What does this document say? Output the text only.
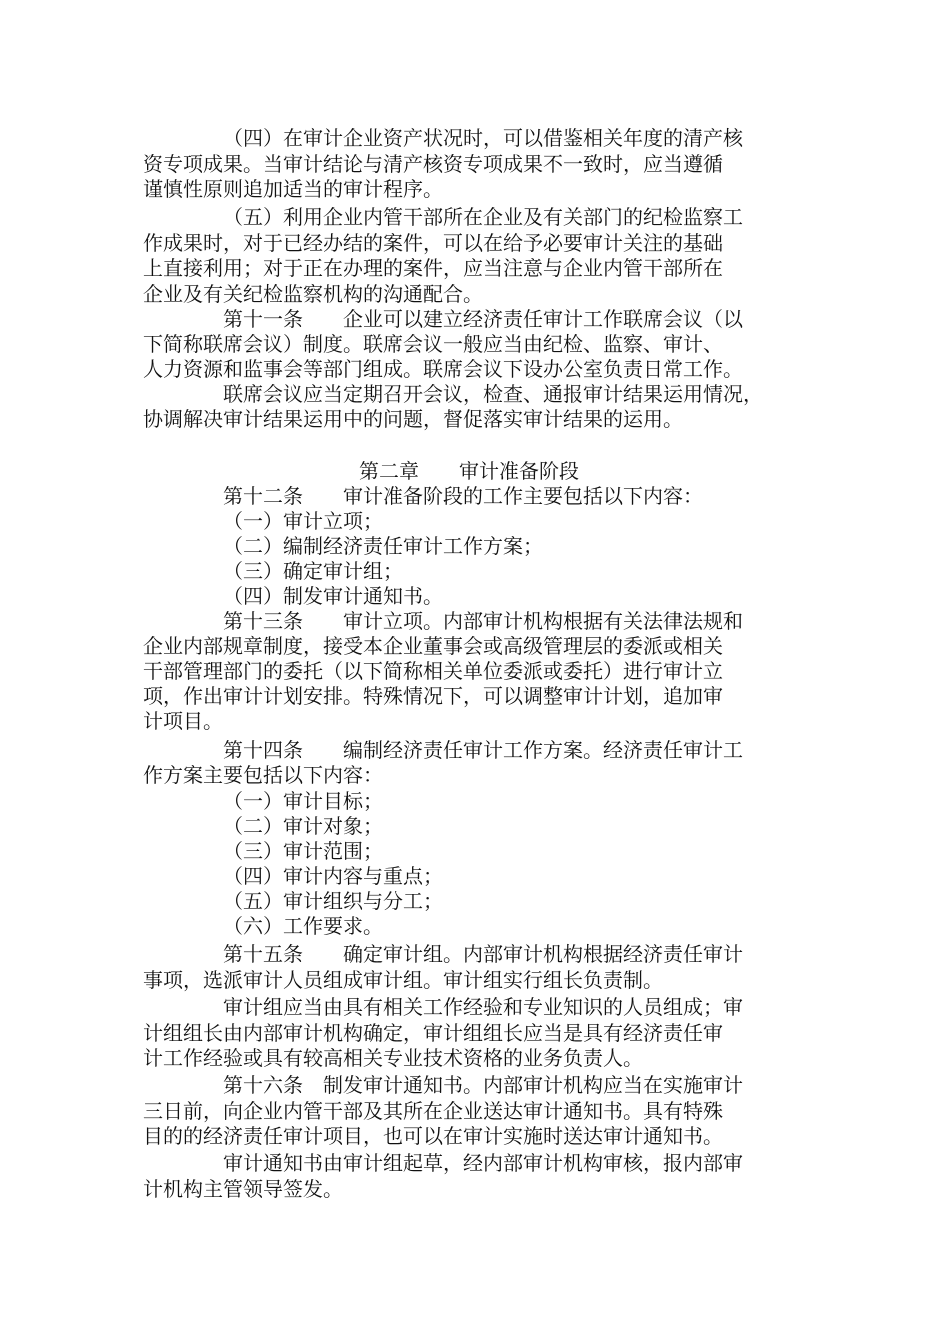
（四）在审计企业资产状况时，可以借鉴相关年度的清产核
资专项成果。当审计结论与清产核资专项成果不一致时，应当遵循
谨慎性原则追加适当的审计程序。
（五）利用企业内管干部所在企业及有关部门的纪检监察工
作成果时，对于已经办结的案件，可以在给予必要审计关注的基础
上直接利用；对于正在办理的案件，应当注意与企业内管干部所在
企业及有关纪检监察机构的沟通配合。
第十一条　　企业可以建立经济责任审计工作联席会议（以
下简称联席会议）制度。联席会议一般应当由纪检、监察、审计、
人力资源和监事会等部门组成。联席会议下设办公室负责日常工作。
联席会议应当定期召开会议，检查、通报审计结果运用情况，
协调解决审计结果运用中的问题，督促落实审计结果的运用。
第二章　　审计准备阶段
第十二条　　审计准备阶段的工作主要包括以下内容：
（一）审计立项；
（二）编制经济责任审计工作方案；
（三）确定审计组；
（四）制发审计通知书。
第十三条　　审计立项。内部审计机构根据有关法律法规和
企业内部规章制度，接受本企业董事会或高级管理层的委派或相关
干部管理部门的委托（以下简称相关单位委派或委托）进行审计立
项，作出审计计划安排。特殊情况下，可以调整审计计划，追加审
计项目。
第十四条　　编制经济责任审计工作方案。经济责任审计工
作方案主要包括以下内容：
（一）审计目标；
（二）审计对象；
（三）审计范围；
（四）审计内容与重点；
（五）审计组织与分工；
（六）工作要求。
第十五条　　确定审计组。内部审计机构根据经济责任审计
事项，选派审计人员组成审计组。审计组实行组长负责制。
审计组应当由具有相关工作经验和专业知识的人员组成；审
计组组长由内部审计机构确定，审计组组长应当是具有经济责任审
计工作经验或具有较高相关专业技术资格的业务负责人。
第十六条　制发审计通知书。内部审计机构应当在实施审计
三日前，向企业内管干部及其所在企业送达审计通知书。具有特殊
目的的经济责任审计项目，也可以在审计实施时送达审计通知书。
审计通知书由审计组起草，经内部审计机构审核，报内部审
计机构主管领导签发。
